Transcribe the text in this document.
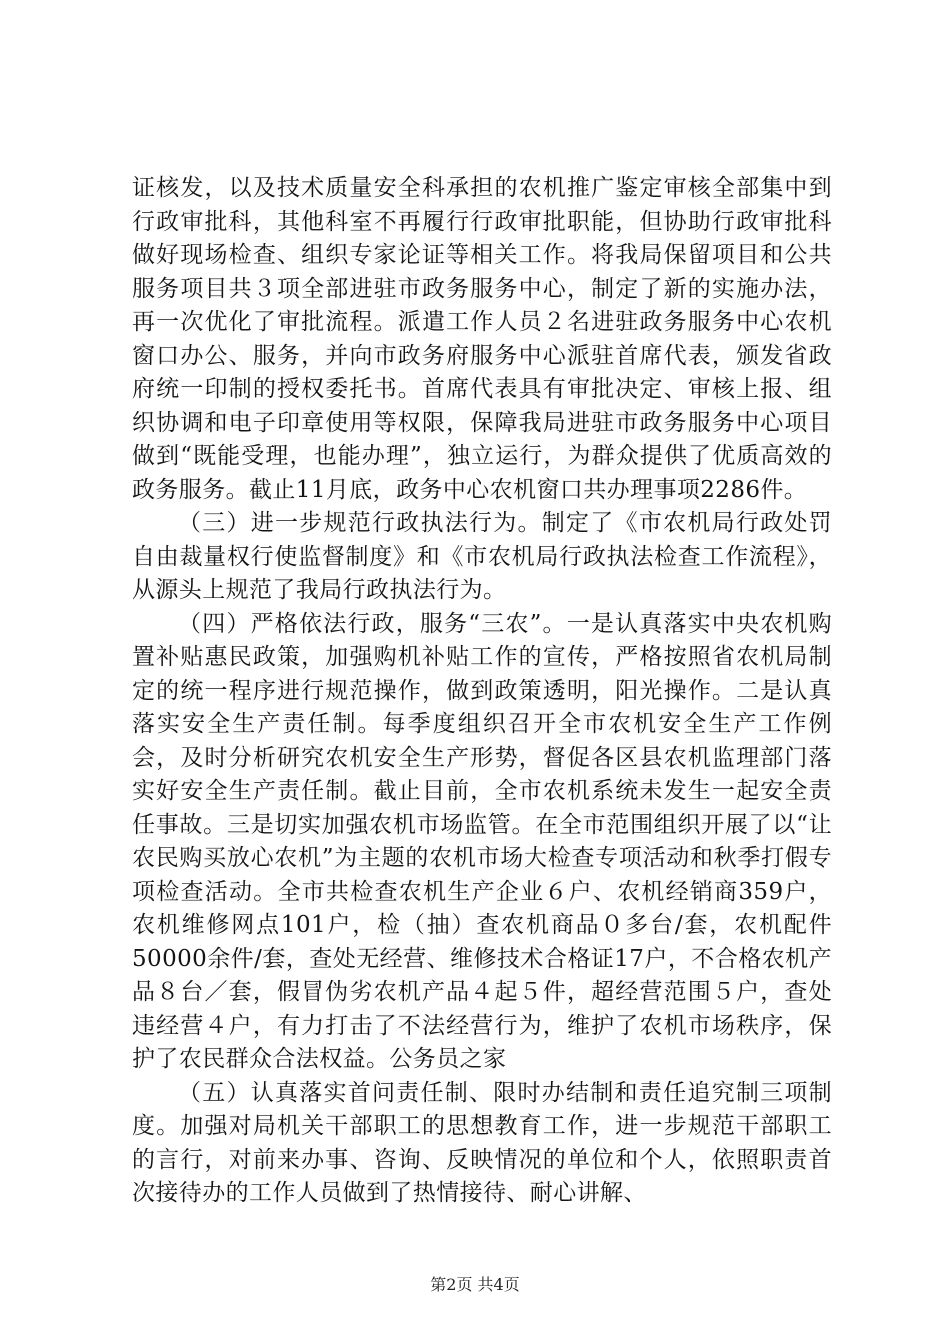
证核发，以及技术质量安全科承担的农机推广鉴定审核全部集中到行政审批科，其他科室不再履行行政审批职能，但协助行政审批科做好现场检查、组织专家论证等相关工作。将我局保留项目和公共服务项目共３项全部进驻市政务服务中心，制定了新的实施办法，再一次优化了审批流程。派遣工作人员２名进驻政务服务中心农机窗口办公、服务，并向市政务府服务中心派驻首席代表，颁发省政府统一印制的授权委托书。首席代表具有审批决定、审核上报、组织协调和电子印章使用等权限，保障我局进驻市政务服务中心项目做到“既能受理，也能办理”，独立运行，为群众提供了优质高效的政务服务。截止11月底，政务中心农机窗口共办理事项2286件。

（三）进一步规范行政执法行为。制定了《市农机局行政处罚自由裁量权行使监督制度》和《市农机局行政执法检查工作流程》，从源头上规范了我局行政执法行为。

（四）严格依法行政，服务“三农”。一是认真落实中央农机购置补贴惠民政策，加强购机补贴工作的宣传，严格按照省农机局制定的统一程序进行规范操作，做到政策透明，阳光操作。二是认真落实安全生产责任制。每季度组织召开全市农机安全生产工作例会，及时分析研究农机安全生产形势，督促各区县农机监理部门落实好安全生产责任制。截止目前，全市农机系统未发生一起安全责任事故。三是切实加强农机市场监管。在全市范围组织开展了以“让农民购买放心农机”为主题的农机市场大检查专项活动和秋季打假专项检查活动。全市共检查农机生产企业６户、农机经销商359户，农机维修网点101户，检（抽）查农机商品０多台/套，农机配件50000余件/套，查处无经营、维修技术合格证17户，不合格农机产品８台／套，假冒伪劣农机产品４起５件，超经营范围５户，查处违经营４户，有力打击了不法经营行为，维护了农机市场秩序，保护了农民群众合法权益。公务员之家

（五）认真落实首问责任制、限时办结制和责任追究制三项制度。加强对局机关干部职工的思想教育工作，进一步规范干部职工的言行，对前来办事、咨询、反映情况的单位和个人，依照职责首次接待办的工作人员做到了热情接待、耐心讲解、

第2页 共4页
